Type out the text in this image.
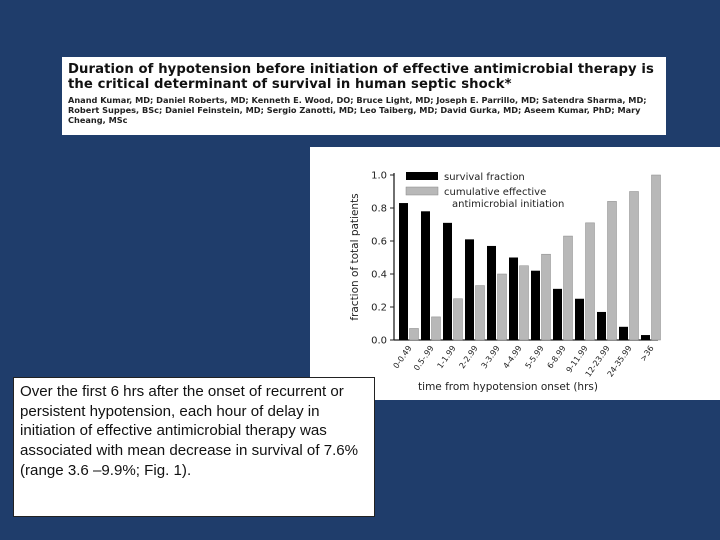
Duration of hypotension before initiation of effective antimicrobial therapy is the critical determinant of survival in human septic shock*
Anand Kumar, MD; Daniel Roberts, MD; Kenneth E. Wood, DO; Bruce Light, MD; Joseph E. Parrillo, MD; Satendra Sharma, MD; Robert Suppes, BSc; Daniel Feinstein, MD; Sergio Zanotti, MD; Leo Taiberg, MD; David Gurka, MD; Aseem Kumar, PhD; Mary Cheang, MSc
0.0
0.2
0.4
0.6
0.8
1.0
0-0.49
0.5-.99 1-1.99 2-2.99 3-3.99 4-4.99 5-5.99 6-8.99
9-11.99
12-23.99
24-35.99 >36
time from hypotension onset (hrs)
fraction of total patients
survival fraction
cumulative effective
antimicrobial initiation
Over the first 6 hrs after the onset of recurrent or persistent hypotension, each hour of delay in initiation of effective antimicrobial therapy was associated with mean decrease in survival of 7.6% (range 3.6 –9.9%; Fig. 1).
